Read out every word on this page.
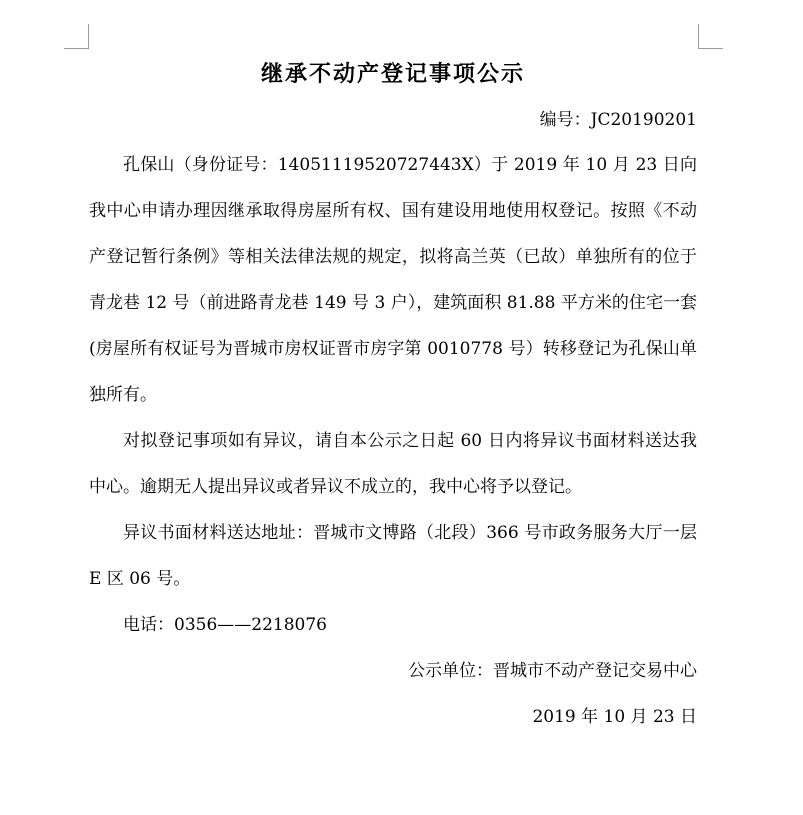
继承不动产登记事项公示
编号：JC20190201

孔保山（身份证号：14051119520727443X）于 2019 年 10 月 23 日向我中心申请办理因继承取得房屋所有权、国有建设用地使用权登记。按照《不动产登记暂行条例》等相关法律法规的规定，拟将高兰英（已故）单独所有的位于青龙巷 12 号（前进路青龙巷 149 号 3 户），建筑面积 81.88 平方米的住宅一套(房屋所有权证号为晋城市房权证晋市房字第 0010778 号）转移登记为孔保山单独所有。

对拟登记事项如有异议，请自本公示之日起 60 日内将异议书面材料送达我中心。逾期无人提出异议或者异议不成立的，我中心将予以登记。

异议书面材料送达地址：晋城市文博路（北段）366 号市政务服务大厅一层 E 区 06 号。

电话：0356——2218076

公示单位：晋城市不动产登记交易中心

2019 年 10 月 23 日
